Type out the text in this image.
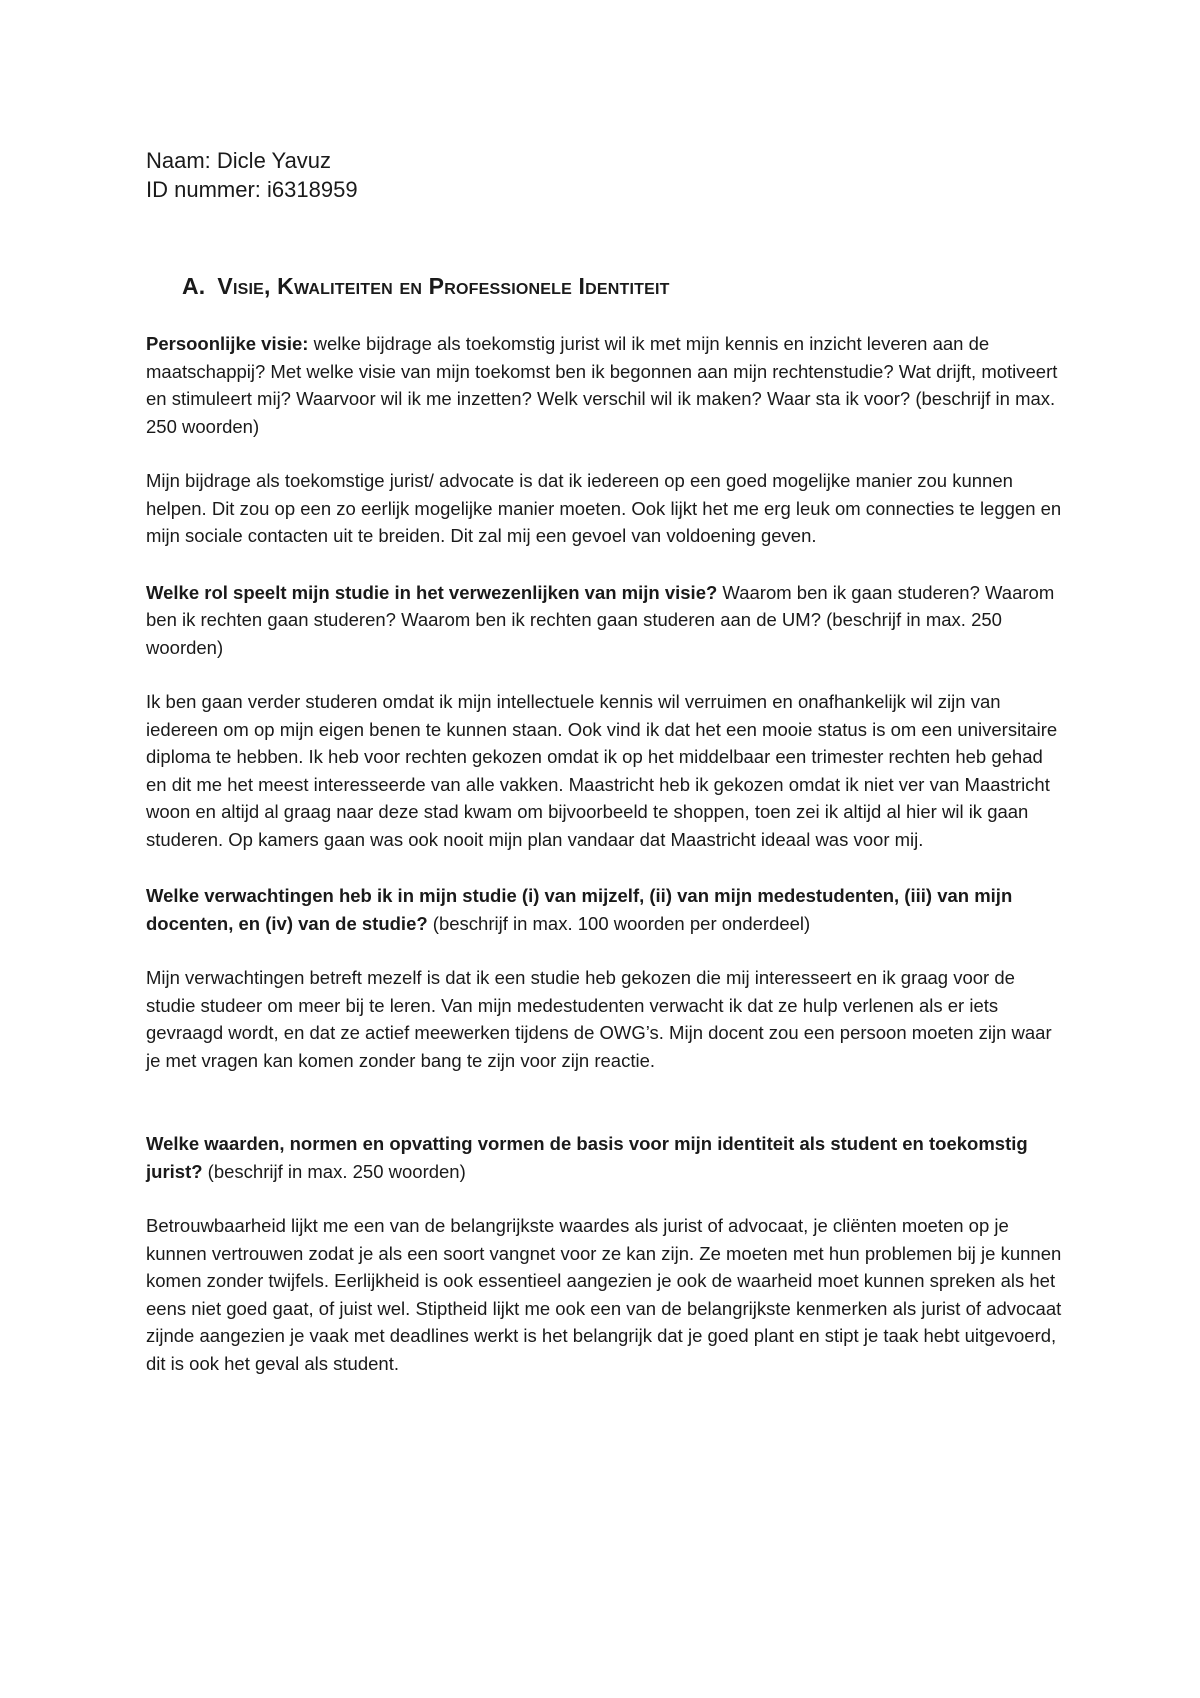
Naam: Dicle Yavuz

ID nummer: i6318959

A. Visie, Kwaliteiten en Professionele Identiteit

Persoonlijke visie: welke bijdrage als toekomstig jurist wil ik met mijn kennis en inzicht leveren aan de maatschappij? Met welke visie van mijn toekomst ben ik begonnen aan mijn rechtenstudie? Wat drijft, motiveert en stimuleert mij? Waarvoor wil ik me inzetten? Welk verschil wil ik maken? Waar sta ik voor? (beschrijf in max. 250 woorden)

Mijn bijdrage als toekomstige jurist/ advocate is dat ik iedereen op een goed mogelijke manier zou kunnen helpen. Dit zou op een zo eerlijk mogelijke manier moeten. Ook lijkt het me erg leuk om connecties te leggen en mijn sociale contacten uit te breiden. Dit zal mij een gevoel van voldoening geven.

Welke rol speelt mijn studie in het verwezenlijken van mijn visie? Waarom ben ik gaan studeren? Waarom ben ik rechten gaan studeren? Waarom ben ik rechten gaan studeren aan de UM? (beschrijf in max. 250 woorden)

Ik ben gaan verder studeren omdat ik mijn intellectuele kennis wil verruimen en onafhankelijk wil zijn van iedereen om op mijn eigen benen te kunnen staan. Ook vind ik dat het een mooie status is om een universitaire diploma te hebben. Ik heb voor rechten gekozen omdat ik op het middelbaar een trimester rechten heb gehad en dit me het meest interesseerde van alle vakken. Maastricht heb ik gekozen omdat ik niet ver van Maastricht woon en altijd al graag naar deze stad kwam om bijvoorbeeld te shoppen, toen zei ik altijd al hier wil ik gaan studeren. Op kamers gaan was ook nooit mijn plan vandaar dat Maastricht ideaal was voor mij.

Welke verwachtingen heb ik in mijn studie (i) van mijzelf, (ii) van mijn medestudenten, (iii) van mijn docenten, en (iv) van de studie? (beschrijf in max. 100 woorden per onderdeel)

Mijn verwachtingen betreft mezelf is dat ik een studie heb gekozen die mij interesseert en ik graag voor de studie studeer om meer bij te leren. Van mijn medestudenten verwacht ik dat ze hulp verlenen als er iets gevraagd wordt, en dat ze actief meewerken tijdens de OWG’s. Mijn docent zou een persoon moeten zijn waar je met vragen kan komen zonder bang te zijn voor zijn reactie.

Welke waarden, normen en opvatting vormen de basis voor mijn identiteit als student en toekomstig jurist? (beschrijf in max. 250 woorden)

Betrouwbaarheid lijkt me een van de belangrijkste waardes als jurist of advocaat, je cliënten moeten op je kunnen vertrouwen zodat je als een soort vangnet voor ze kan zijn. Ze moeten met hun problemen bij je kunnen komen zonder twijfels. Eerlijkheid is ook essentieel aangezien je ook de waarheid moet kunnen spreken als het eens niet goed gaat, of juist wel. Stiptheid lijkt me ook een van de belangrijkste kenmerken als jurist of advocaat zijnde aangezien je vaak met deadlines werkt is het belangrijk dat je goed plant en stipt je taak hebt uitgevoerd, dit is ook het geval als student.
